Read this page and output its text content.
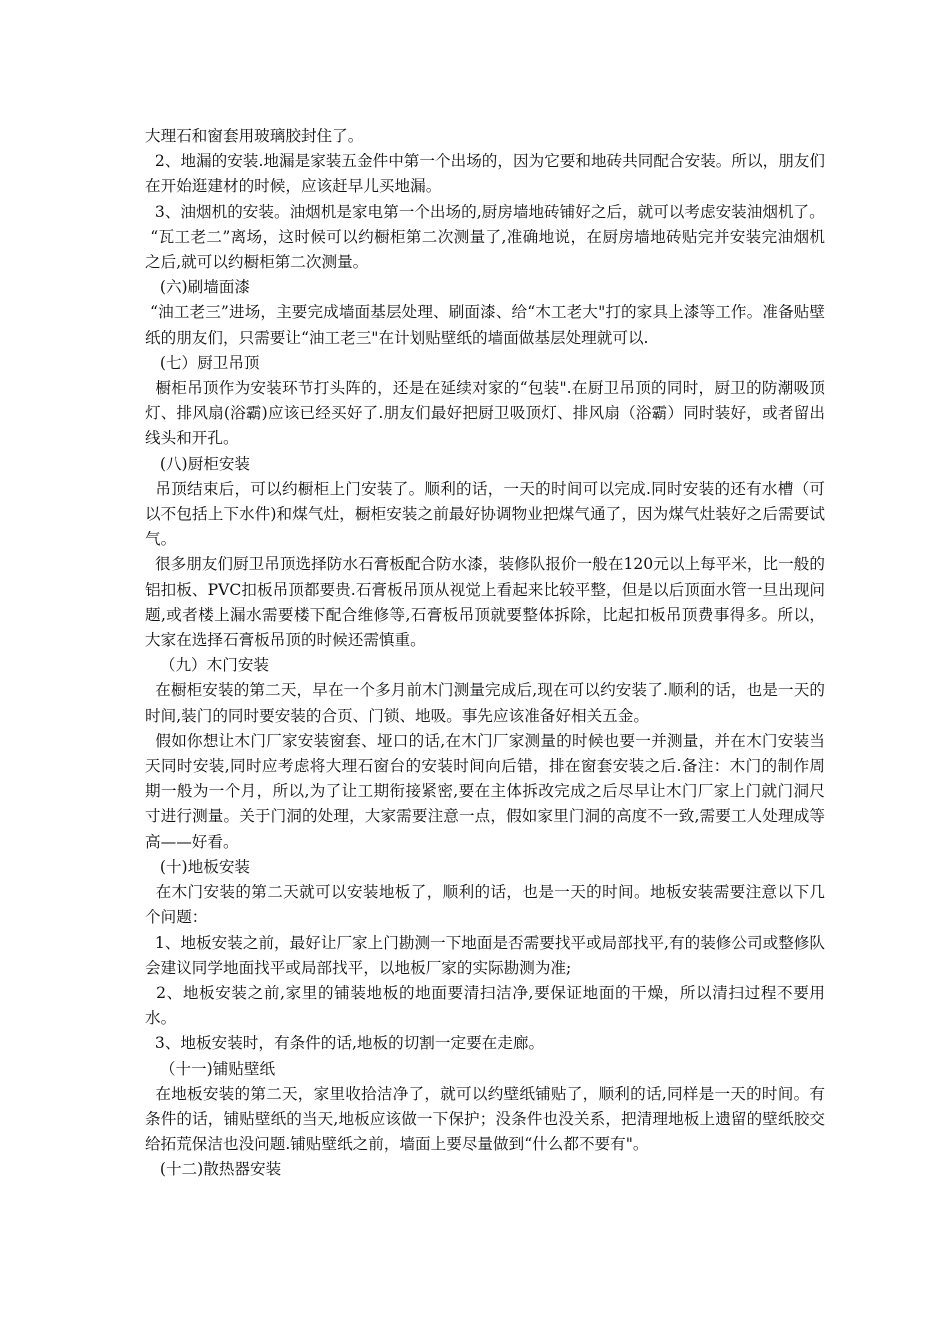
大理石和窗套用玻璃胶封住了。

2、地漏的安装.地漏是家装五金件中第一个出场的，因为它要和地砖共同配合安装。所以，朋友们在开始逛建材的时候，应该赶早儿买地漏。

3、油烟机的安装。油烟机是家电第一个出场的,厨房墙地砖铺好之后，就可以考虑安装油烟机了。

“瓦工老二”离场，这时候可以约橱柜第二次测量了,准确地说，在厨房墙地砖贴完并安装完油烟机之后,就可以约橱柜第二次测量。

(六)刷墙面漆

“油工老三”进场，主要完成墙面基层处理、刷面漆、给“木工老大"打的家具上漆等工作。准备贴壁纸的朋友们，只需要让“油工老三"在计划贴壁纸的墙面做基层处理就可以.

(七）厨卫吊顶

橱柜吊顶作为安装环节打头阵的，还是在延续对家的“包装".在厨卫吊顶的同时，厨卫的防潮吸顶灯、排风扇(浴霸)应该已经买好了.朋友们最好把厨卫吸顶灯、排风扇（浴霸）同时装好，或者留出线头和开孔。

(八)厨柜安装

吊顶结束后，可以约橱柜上门安装了。顺利的话，一天的时间可以完成.同时安装的还有水槽（可以不包括上下水件)和煤气灶，橱柜安装之前最好协调物业把煤气通了，因为煤气灶装好之后需要试气。

很多朋友们厨卫吊顶选择防水石膏板配合防水漆，装修队报价一般在120元以上每平米，比一般的铝扣板、PVC扣板吊顶都要贵.石膏板吊顶从视觉上看起来比较平整，但是以后顶面水管一旦出现问题,或者楼上漏水需要楼下配合维修等,石膏板吊顶就要整体拆除，比起扣板吊顶费事得多。所以，大家在选择石膏板吊顶的时候还需慎重。

（九）木门安装

在橱柜安装的第二天，早在一个多月前木门测量完成后,现在可以约安装了.顺利的话，也是一天的时间,装门的同时要安装的合页、门锁、地吸。事先应该准备好相关五金。

假如你想让木门厂家安装窗套、垭口的话,在木门厂家测量的时候也要一并测量，并在木门安装当天同时安装,同时应考虑将大理石窗台的安装时间向后错，排在窗套安装之后.备注：木门的制作周期一般为一个月，所以,为了让工期衔接紧密,要在主体拆改完成之后尽早让木门厂家上门就门洞尺寸进行测量。关于门洞的处理，大家需要注意一点，假如家里门洞的高度不一致,需要工人处理成等高——好看。

(十)地板安装

在木门安装的第二天就可以安装地板了，顺利的话，也是一天的时间。地板安装需要注意以下几个问题：

1、地板安装之前，最好让厂家上门勘测一下地面是否需要找平或局部找平,有的装修公司或整修队会建议同学地面找平或局部找平，以地板厂家的实际勘测为准;

2、地板安装之前,家里的铺装地板的地面要清扫洁净,要保证地面的干燥，所以清扫过程不要用水。

3、地板安装时，有条件的话,地板的切割一定要在走廊。

（十一)铺贴壁纸

在地板安装的第二天，家里收拾洁净了，就可以约壁纸铺贴了，顺利的话,同样是一天的时间。有条件的话，铺贴壁纸的当天,地板应该做一下保护；没条件也没关系，把清理地板上遗留的壁纸胶交给拓荒保洁也没问题.铺贴壁纸之前，墙面上要尽量做到“什么都不要有"。

(十二)散热器安装
